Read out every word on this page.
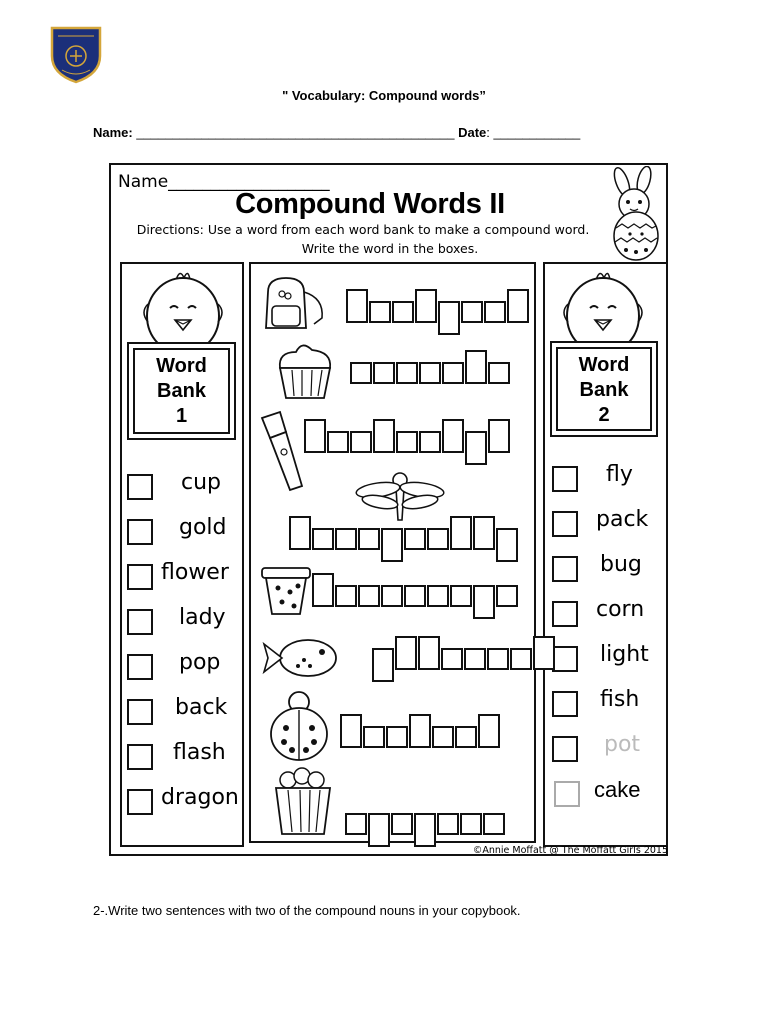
" Vocabulary: Compound words”
Name: ____________________________________________ Date: ____________
Name___________________
Compound Words II
Directions: Use a word from each word bank to make a compound word.
Write the word in the boxes.
Word
Bank
1
Word
Bank
2
cup
gold
flower
lady
pop
back
flash
dragon
fly
pack
bug
corn
light
fish
pot
cake
©Annie Moffatt @ The Moffatt Girls 2015
2-.Write two sentences with two of the compound nouns in your copybook.
